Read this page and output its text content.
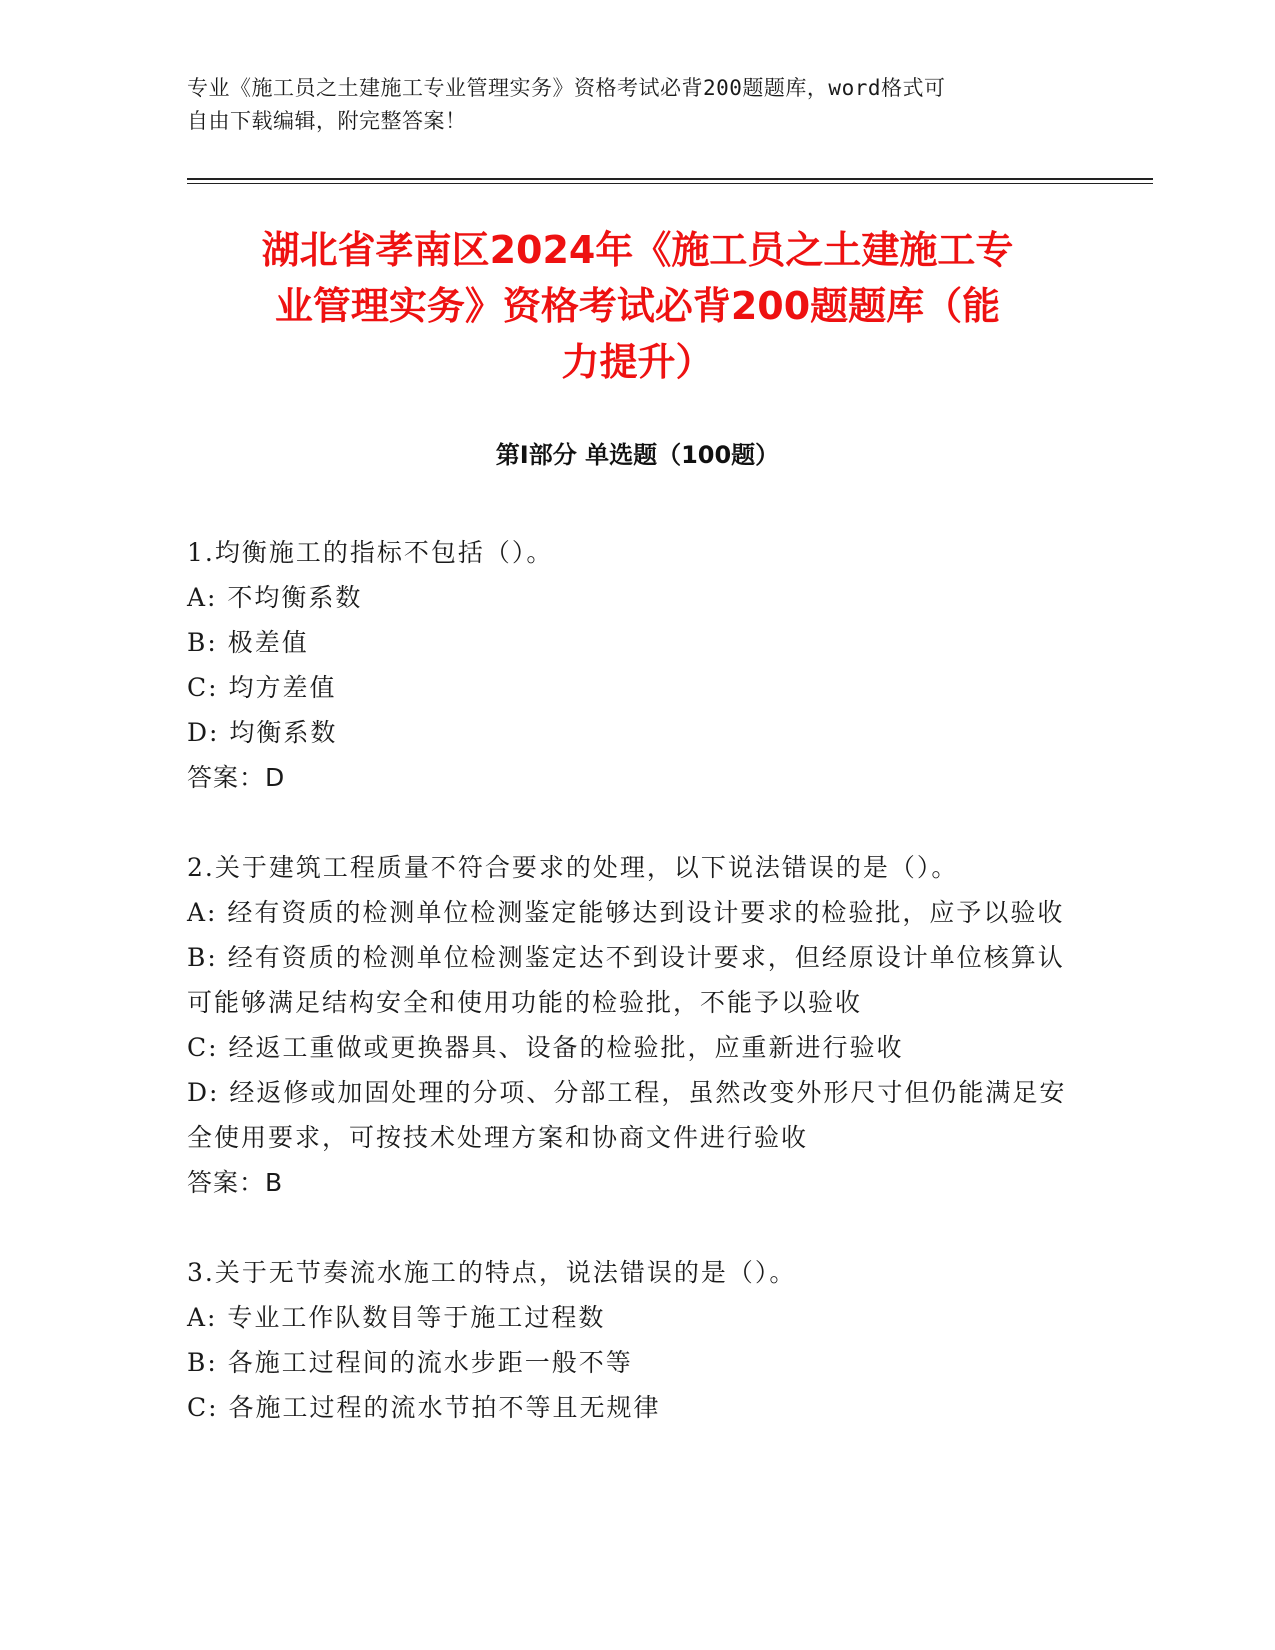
专业《施工员之土建施工专业管理实务》资格考试必背200题题库，word格式可
自由下载编辑，附完整答案！
湖北省孝南区2024年《施工员之土建施工专
业管理实务》资格考试必背200题题库（能
力提升）
第Ⅰ部分 单选题（100题）

1.均衡施工的指标不包括（）。

A: 不均衡系数

B: 极差值

C: 均方差值

D: 均衡系数

答案：D

2.关于建筑工程质量不符合要求的处理，以下说法错误的是（）。

A: 经有资质的检测单位检测鉴定能够达到设计要求的检验批，应予以验收

B: 经有资质的检测单位检测鉴定达不到设计要求，但经原设计单位核算认可能够满足结构安全和使用功能的检验批，不能予以验收

C: 经返工重做或更换器具、设备的检验批，应重新进行验收

D: 经返修或加固处理的分项、分部工程，虽然改变外形尺寸但仍能满足安全使用要求，可按技术处理方案和协商文件进行验收

答案：B

3.关于无节奏流水施工的特点，说法错误的是（）。

A: 专业工作队数目等于施工过程数

B: 各施工过程间的流水步距一般不等

C: 各施工过程的流水节拍不等且无规律
